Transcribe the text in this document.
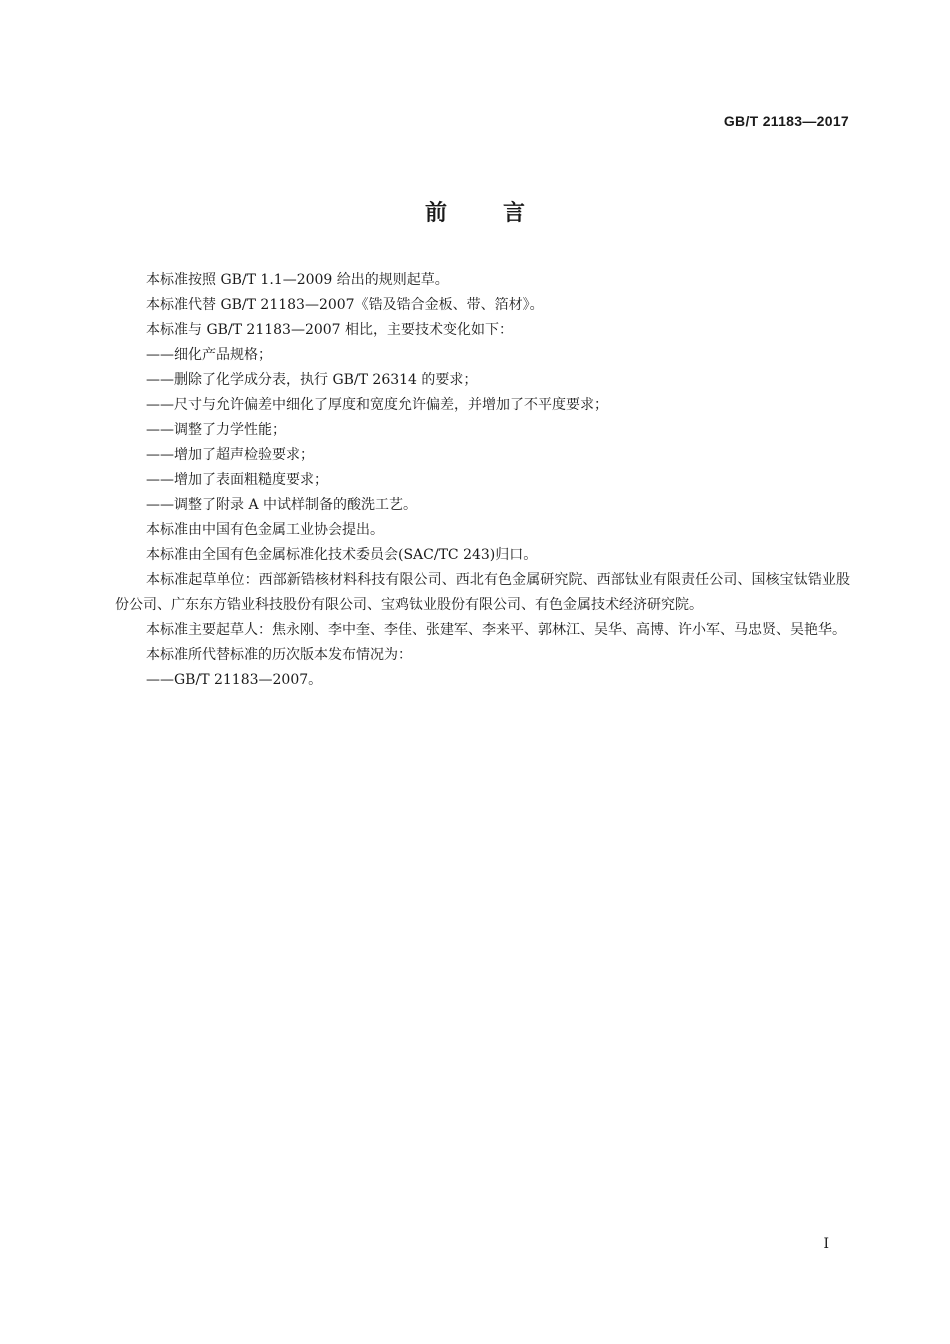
GB/T 21183—2017
前言

本标准按照 GB/T 1.1—2009 给出的规则起草。

本标准代替 GB/T 21183—2007《锆及锆合金板、带、箔材》。

本标准与 GB/T 21183—2007 相比，主要技术变化如下：

——细化产品规格；

——删除了化学成分表，执行 GB/T 26314 的要求；

——尺寸与允许偏差中细化了厚度和宽度允许偏差，并增加了不平度要求；

——调整了力学性能；

——增加了超声检验要求；

——增加了表面粗糙度要求；

——调整了附录 A 中试样制备的酸洗工艺。

本标准由中国有色金属工业协会提出。

本标准由全国有色金属标准化技术委员会(SAC/TC 243)归口。

本标准起草单位：西部新锆核材料科技有限公司、西北有色金属研究院、西部钛业有限责任公司、国核宝钛锆业股份公司、广东东方锆业科技股份有限公司、宝鸡钛业股份有限公司、有色金属技术经济研究院。

本标准主要起草人：焦永刚、李中奎、李佳、张建军、李来平、郭林江、吴华、高博、许小军、马忠贤、吴艳华。

本标准所代替标准的历次版本发布情况为：

——GB/T 21183—2007。

I
